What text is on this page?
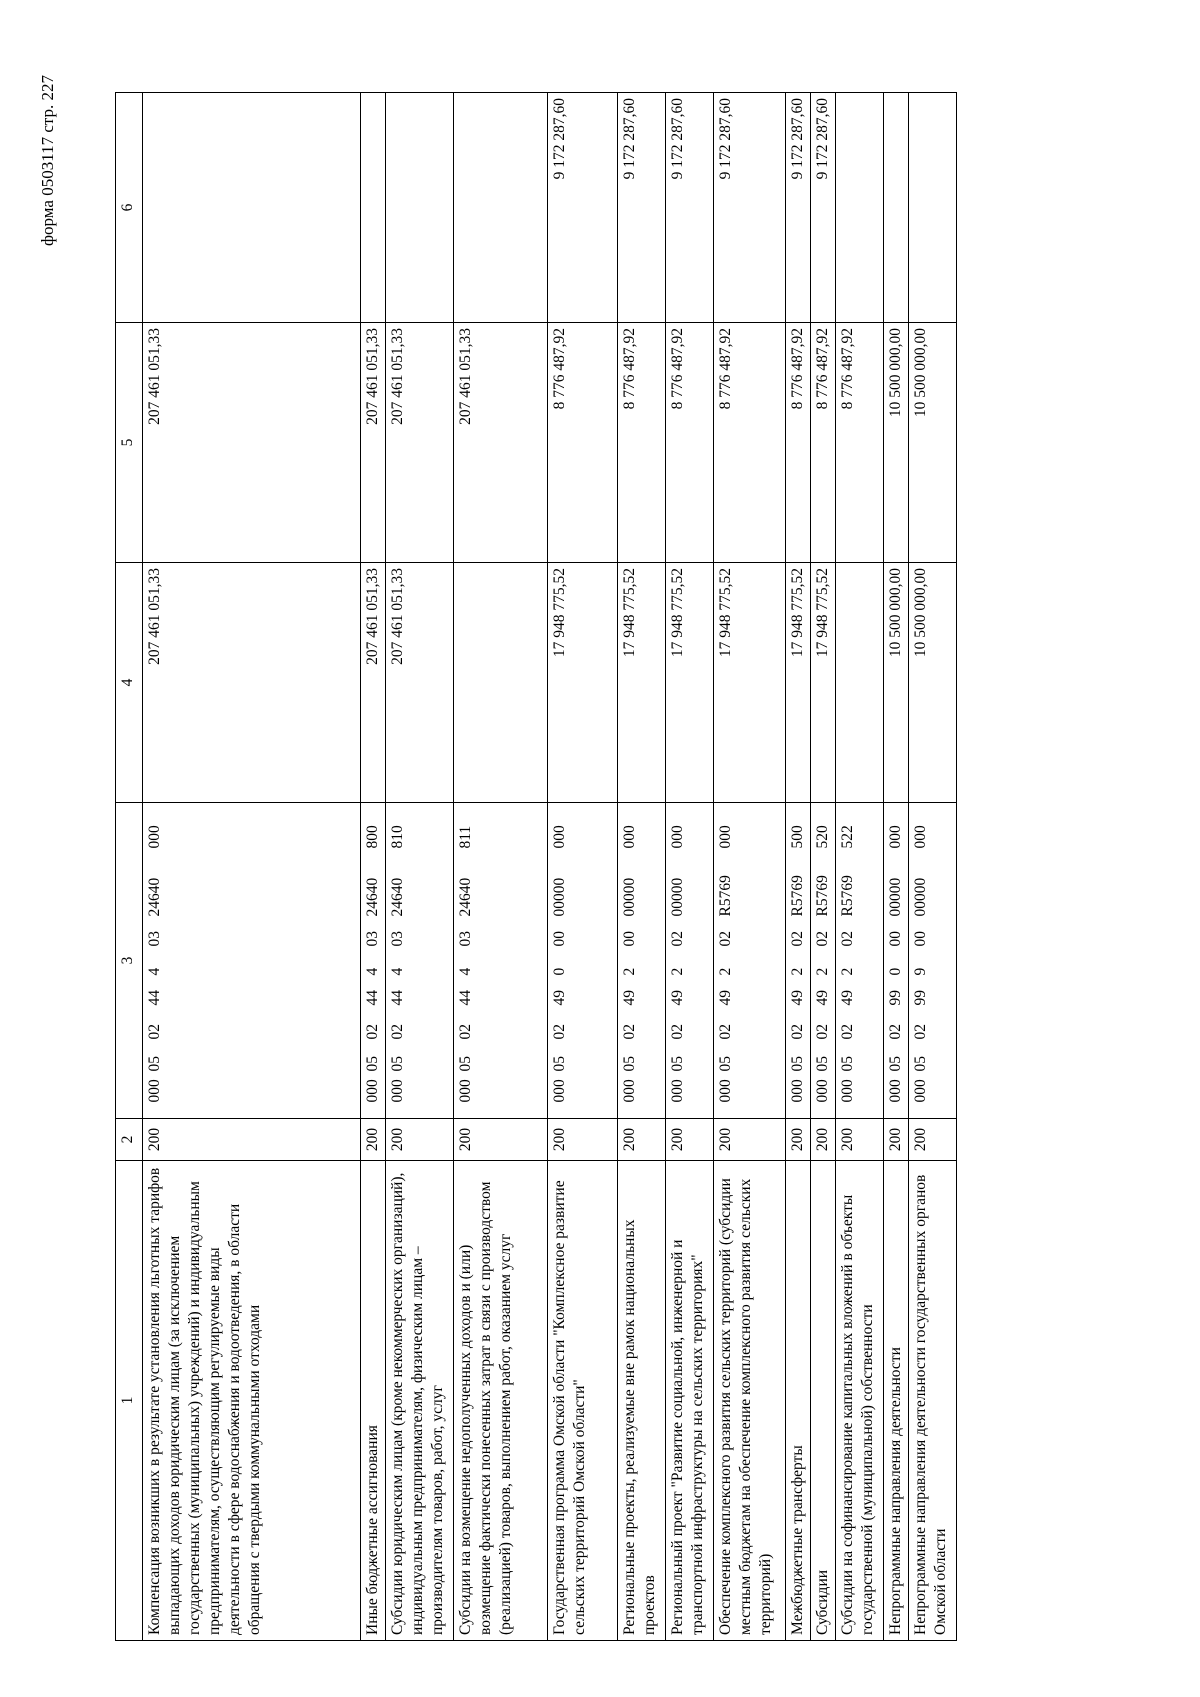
форма 0503117 стр. 227
1	2	3	4	5	6
Компенсация возникших в результате установления льготных тарифов выпадающих доходов юридическим лицам (за исключением государственных (муниципальных) учреждений) и индивидуальным предпринимателям, осуществляющим регулируемые виды деятельности в сфере водоснабжения и водоотведения, в области обращения с твердыми коммунальными отходами	200	00005024440324640000	207 461 051,33	207 461 051,33	
Иные бюджетные ассигнования	200	00005024440324640800	207 461 051,33	207 461 051,33	
Субсидии юридическим лицам (кроме некоммерческих организаций), индивидуальным предпринимателям, физическим лицам – производителям товаров, работ, услуг	200	00005024440324640810	207 461 051,33	207 461 051,33	
Субсидии на возмещение недополученных доходов и (или) возмещение фактически понесенных затрат в связи с производством (реализацией) товаров, выполнением работ, оказанием услуг	200	00005024440324640811		207 461 051,33	
Государственная программа Омской области "Комплексное развитие сельских территорий Омской области"	200	00005024900000000000	17 948 775,52	8 776 487,92	9 172 287,60
Региональные проекты, реализуемые вне рамок национальных проектов	200	00005024920000000000	17 948 775,52	8 776 487,92	9 172 287,60
Региональный проект "Развитие социальной, инженерной и транспортной инфраструктуры на сельских территориях"	200	00005024920200000000	17 948 775,52	8 776 487,92	9 172 287,60
Обеспечение комплексного развития сельских территорий (субсидии местным бюджетам на обеспечение комплексного развития сельских территорий)	200	000050249202R5769000	17 948 775,52	8 776 487,92	9 172 287,60
Межбюджетные трансферты	200	000050249202R5769500	17 948 775,52	8 776 487,92	9 172 287,60
Субсидии	200	000050249202R5769520	17 948 775,52	8 776 487,92	9 172 287,60
Субсидии на софинансирование капитальных вложений в объекты государственной (муниципальной) собственности	200	000050249202R5769522		8 776 487,92	
Непрограммные направления деятельности	200	00005029900000000000	10 500 000,00	10 500 000,00	
Непрограммные направления деятельности государственных органов Омской области	200	00005029990000000000	10 500 000,00	10 500 000,00	
